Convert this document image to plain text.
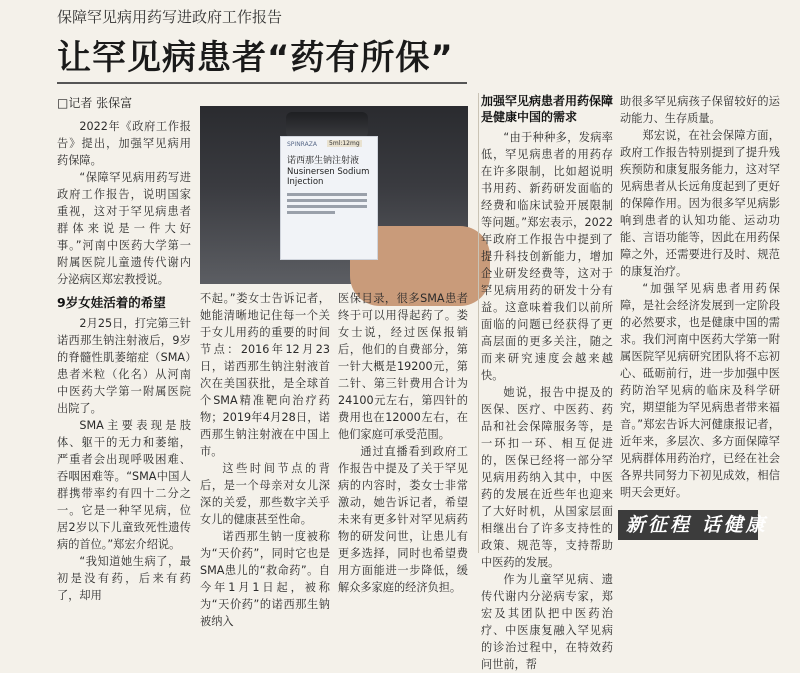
保障罕见病用药写进政府工作报告
让罕见病患者“药有所保”
□记者 张保富
SPINRAZA	5ml:12mg
诺西那生钠注射液
Nusinersen Sodium
Injection

2022年《政府工作报告》提出，加强罕见病用药保障。

“保障罕见病用药写进政府工作报告，说明国家重视，这对于罕见病患者群体来说是一件大好事。”河南中医药大学第一附属医院儿童遗传代谢内分泌病区郑宏教授说。

9岁女娃活着的希望

2月25日，打完第三针诺西那生钠注射液后，9岁的脊髓性肌萎缩症（SMA）患者米粒（化名）从河南中医药大学第一附属医院出院了。

SMA主要表现是肢体、躯干的无力和萎缩，严重者会出现呼吸困难、吞咽困难等。“SMA中国人群携带率约有四十二分之一。它是一种罕见病，位居2岁以下儿童致死性遗传病的首位。”郑宏介绍说。

“我知道她生病了，最初是没有药，后来有药了，却用

不起。”娄女士告诉记者，她能清晰地记住每一个关于女儿用药的重要的时间节点：2016年12月23日，诺西那生钠注射液首次在美国获批，是全球首个SMA精准靶向治疗药物；2019年4月28日，诺西那生钠注射液在中国上市。

这些时间节点的背后，是一个母亲对女儿深深的关爱，那些数字关乎女儿的健康甚至性命。

诺西那生钠一度被称为“天价药”，同时它也是SMA患儿的“救命药”。自今年1月1日起，被称为“天价药”的诺西那生钠被纳入

医保目录，很多SMA患者终于可以用得起药了。娄女士说，经过医保报销后，他们的自费部分，第一针大概是19200元，第二针、第三针费用合计为24100元左右，第四针的费用也在12000左右，在他们家庭可承受范围。

通过直播看到政府工作报告中提及了关于罕见病的内容时，娄女士非常激动，她告诉记者，希望未来有更多针对罕见病药物的研发问世，让患儿有更多选择，同时也希望费用方面能进一步降低，缓解众多家庭的经济负担。

加强罕见病患者用药保障是健康中国的需求

“由于种种多，发病率低，罕见病患者的用药存在许多限制，比如超说明书用药、新药研发面临的经费和临床试验开展限制等问题。”郑宏表示，2022年政府工作报告中提到了提升科技创新能力，增加企业研发经费等，这对于罕见病用药的研发十分有益。这意味着我们以前所面临的问题已经获得了更高层面的更多关注，随之而来研究速度会越来越快。

她说，报告中提及的医保、医疗、中医药、药品和社会保障服务等，是一环扣一环、相互促进的，医保已经将一部分罕见病用药纳入其中，中医药的发展在近些年也迎来了大好时机，从国家层面相继出台了许多支持性的政策、规范等，支持帮助中医药的发展。

作为儿童罕见病、遗传代谢内分泌病专家，郑宏及其团队把中医药治疗、中医康复融入罕见病的诊治过程中，在特效药问世前，帮

助很多罕见病孩子保留较好的运动能力、生存质量。

郑宏说，在社会保障方面，政府工作报告特别提到了提升残疾预防和康复服务能力，这对罕见病患者从长远角度起到了更好的保障作用。因为很多罕见病影响到患者的认知功能、运动功能、言语功能等，因此在用药保障之外，还需要进行及时、规范的康复治疗。

“加强罕见病患者用药保障，是社会经济发展到一定阶段的必然要求，也是健康中国的需求。我们河南中医药大学第一附属医院罕见病研究团队将不忘初心、砥砺前行，进一步加强中医药防治罕见病的临床及科学研究，期望能为罕见病患者带来福音。”郑宏告诉大河健康报记者，近年来，多层次、多方面保障罕见病群体用药治疗，已经在社会各界共同努力下初见成效，相信明天会更好。

新征程 话健康
